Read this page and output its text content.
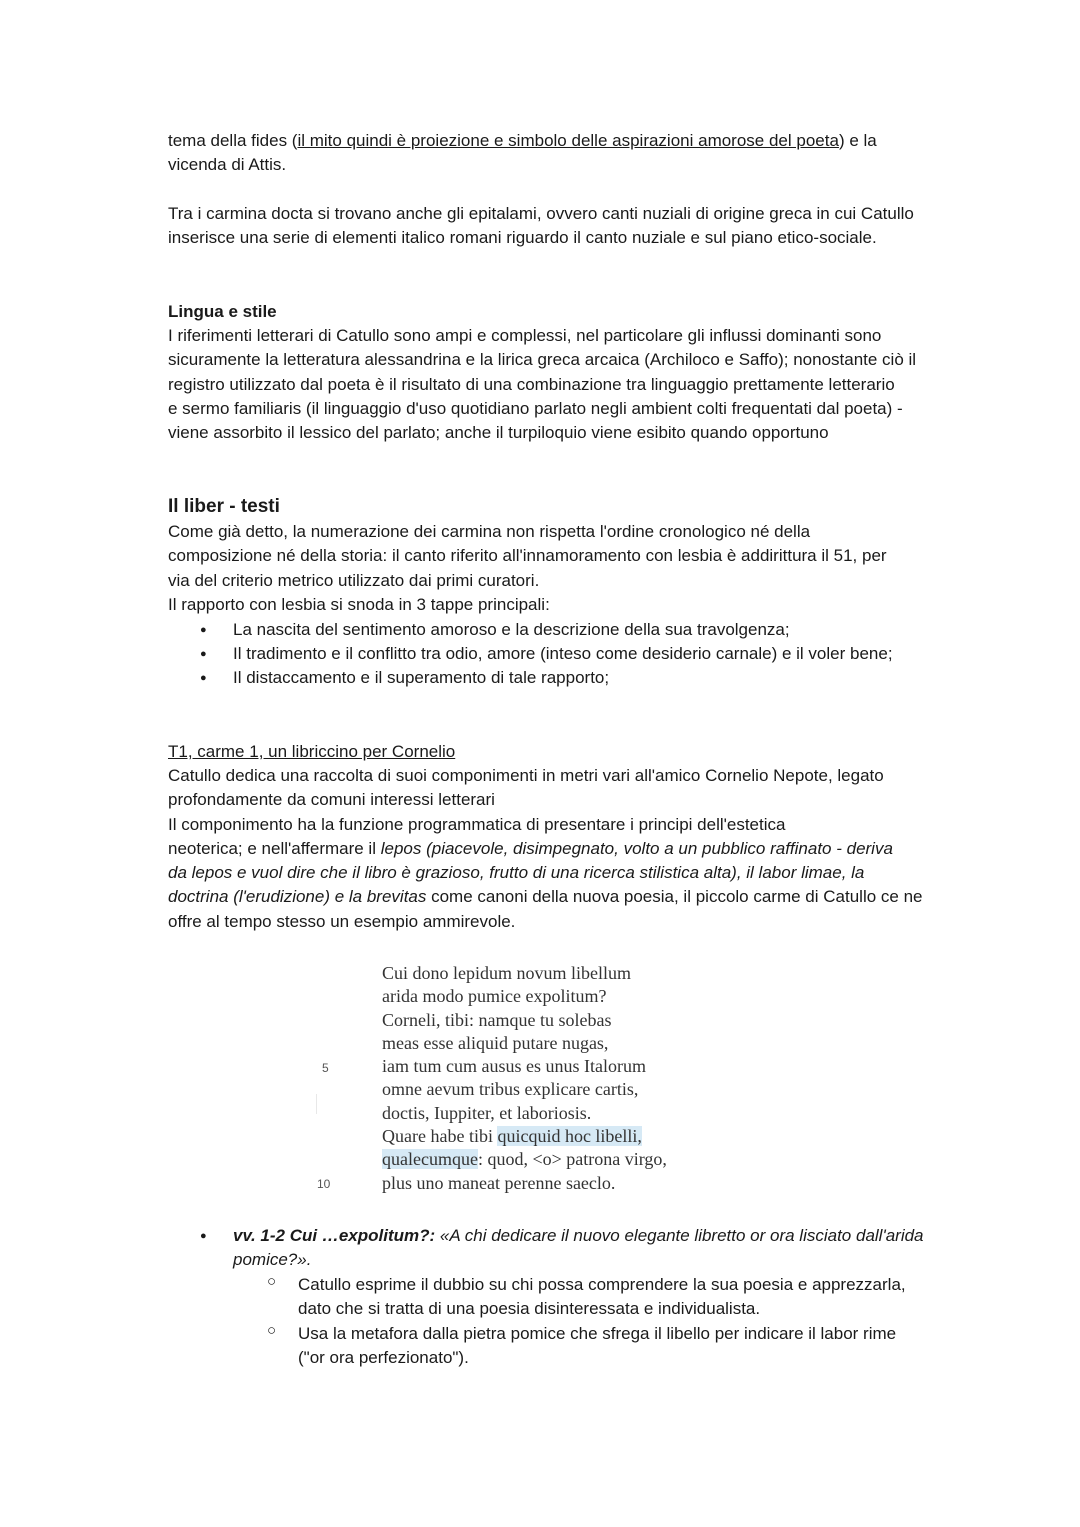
tema della fides (il mito quindi è proiezione e simbolo delle aspirazioni amorose del poeta) e la
vicenda di Attis.
Tra i carmina docta si trovano anche gli epitalami, ovvero canti nuziali di origine greca in cui Catullo
inserisce una serie di elementi italico romani riguardo il canto nuziale e sul piano etico-sociale.
Lingua e stile
I riferimenti letterari di Catullo sono ampi e complessi, nel particolare gli influssi dominanti sono
sicuramente la letteratura alessandrina e la lirica greca arcaica (Archiloco e Saffo); nonostante ciò il
registro utilizzato dal poeta è il risultato di una combinazione tra linguaggio prettamente letterario
e sermo familiaris (il linguaggio d'uso quotidiano parlato negli ambient colti frequentati dal poeta) -
viene assorbito il lessico del parlato; anche il turpiloquio viene esibito quando opportuno
Il liber - testi
Come già detto, la numerazione dei carmina non rispetta l'ordine cronologico né della
composizione né della storia: il canto riferito all'innamoramento con lesbia è addirittura il 51, per
via del criterio metrico utilizzato dai primi curatori.
Il rapporto con lesbia si snoda in 3 tappe principali:
● La nascita del sentimento amoroso e la descrizione della sua travolgenza;
● Il tradimento e il conflitto tra odio, amore (inteso come desiderio carnale) e il voler bene;
● Il distaccamento e il superamento di tale rapporto;
T1, carme 1, un libriccino per Cornelio
Catullo dedica una raccolta di suoi componimenti in metri vari all'amico Cornelio Nepote, legato
profondamente da comuni interessi letterari
Il componimento ha la funzione programmatica di presentare i principi dell'estetica
neoterica; e nell'affermare il lepos (piacevole, disimpegnato, volto a un pubblico raffinato - deriva
da lepos e vuol dire che il libro è grazioso, frutto di una ricerca stilistica alta), il labor limae, la
doctrina (l'erudizione) e la brevitas come canoni della nuova poesia, il piccolo carme di Catullo ce ne
offre al tempo stesso un esempio ammirevole.
5
10
Cui dono lepidum novum libellum
arida modo pumice expolitum?
Corneli, tibi: namque tu solebas
meas esse aliquid putare nugas,
iam tum cum ausus es unus Italorum
omne aevum tribus explicare cartis,
doctis, Iuppiter, et laboriosis.
Quare habe tibi quicquid hoc libelli,
qualecumque: quod, <o> patrona virgo,
plus uno maneat perenne saeclo.
● vv. 1-2 Cui …expolitum?: «A chi dedicare il nuovo elegante libretto or ora lisciato dall'arida
pomice?».
○ Catullo esprime il dubbio su chi possa comprendere la sua poesia e apprezzarla,
dato che si tratta di una poesia disinteressata e individualista.
○ Usa la metafora dalla pietra pomice che sfrega il libello per indicare il labor rime
("or ora perfezionato").
